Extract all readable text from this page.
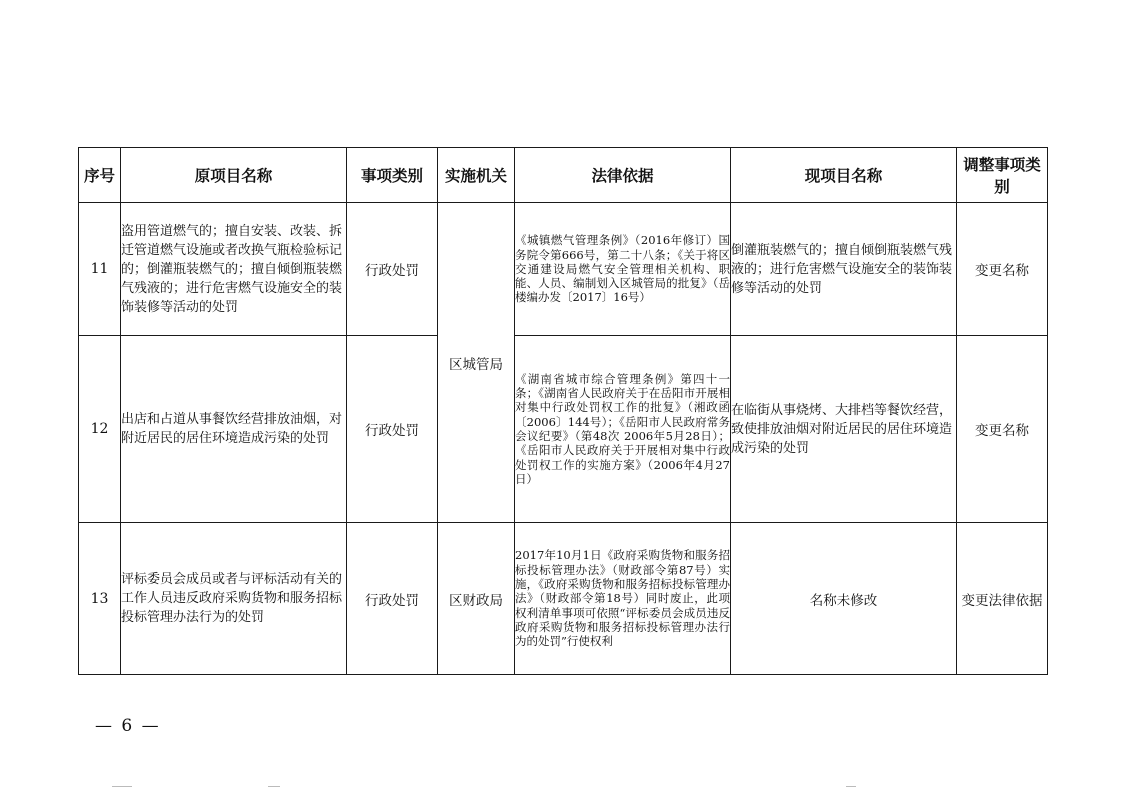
序号	原项目名称	事项类别	实施机关	法律依据	现项目名称	调整事项类别
11	盗用管道燃气的；擅自安装、改装、拆迁管道燃气设施或者改换气瓶检验标记的；倒灌瓶装燃气的；擅自倾倒瓶装燃气残液的；进行危害燃气设施安全的装饰装修等活动的处罚	行政处罚	区城管局	《城镇燃气管理条例》（2016年修订）国务院令第666号，第二十八条；《关于将区交通建设局燃气安全管理相关机构、职能、人员、编制划入区城管局的批复》（岳楼编办发〔2017〕16号）	倒灌瓶装燃气的；擅自倾倒瓶装燃气残液的；进行危害燃气设施安全的装饰装修等活动的处罚	变更名称
12	出店和占道从事餐饮经营排放油烟，对附近居民的居住环境造成污染的处罚	行政处罚		《湖南省城市综合管理条例》第四十一条；《湖南省人民政府关于在岳阳市开展相对集中行政处罚权工作的批复》（湘政函〔2006〕144号）；《岳阳市人民政府常务会议纪要》（第48次 2006年5月28日）；《岳阳市人民政府关于开展相对集中行政处罚权工作的实施方案》（2006年4月27日）	在临街从事烧烤、大排档等餐饮经营，致使排放油烟对附近居民的居住环境造成污染的处罚	变更名称
13	评标委员会成员或者与评标活动有关的工作人员违反政府采购货物和服务招标投标管理办法行为的处罚	行政处罚	区财政局	2017年10月1日《政府采购货物和服务招标投标管理办法》（财政部令第87号）实施，《政府采购货物和服务招标投标管理办法》（财政部令第18号）同时废止，此项权利清单事项可依照“评标委员会成员违反政府采购货物和服务招标投标管理办法行为的处罚”行使权利	名称未修改	变更法律依据
— 6 —
